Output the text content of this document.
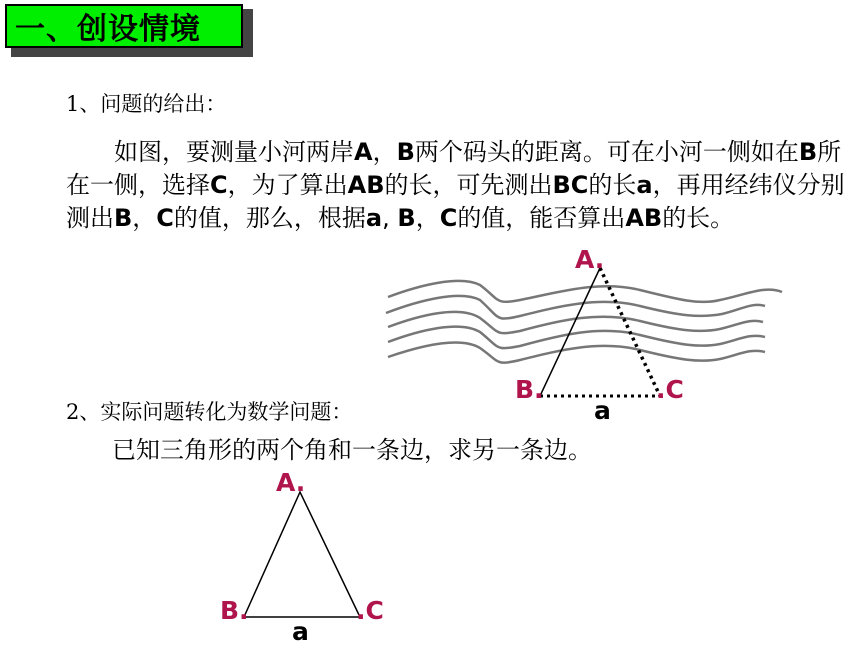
一、创设情境
1、问题的给出：
如图，要测量小河两岸A，B两个码头的距离。可在小河一侧如在B所在一侧，选择C，为了算出AB的长，可先测出BC的长a，再用经纬仪分别测出B，C的值，那么，根据a, B，C的值，能否算出AB的长。
2、实际问题转化为数学问题：
已知三角形的两个角和一条边，求另一条边。
A.
B.	.C
a
A.
B.	.C
a
